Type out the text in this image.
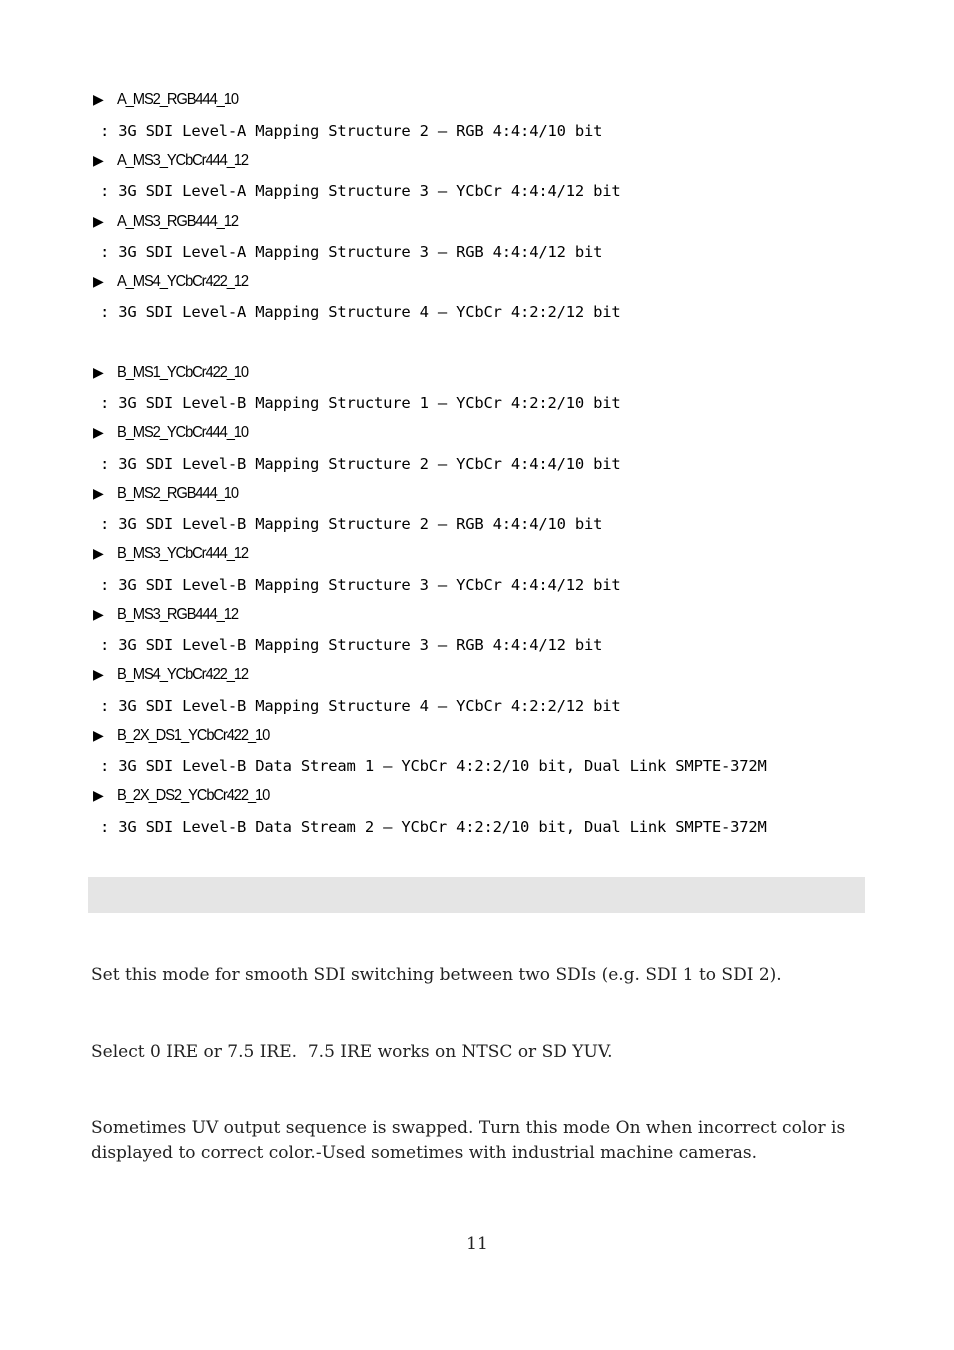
▶ A_MS2_RGB444_10
: 3G SDI Level-A Mapping Structure 2 – RGB 4:4:4/10 bit
▶ A_MS3_YCbCr444_12
: 3G SDI Level-A Mapping Structure 3 – YCbCr 4:4:4/12 bit
▶ A_MS3_RGB444_12
: 3G SDI Level-A Mapping Structure 3 – RGB 4:4:4/12 bit
▶ A_MS4_YCbCr422_12
: 3G SDI Level-A Mapping Structure 4 – YCbCr 4:2:2/12 bit
▶ B_MS1_YCbCr422_10
: 3G SDI Level-B Mapping Structure 1 – YCbCr 4:2:2/10 bit
▶ B_MS2_YCbCr444_10
: 3G SDI Level-B Mapping Structure 2 – YCbCr 4:4:4/10 bit
▶ B_MS2_RGB444_10
: 3G SDI Level-B Mapping Structure 2 – RGB 4:4:4/10 bit
▶ B_MS3_YCbCr444_12
: 3G SDI Level-B Mapping Structure 3 – YCbCr 4:4:4/12 bit
▶ B_MS3_RGB444_12
: 3G SDI Level-B Mapping Structure 3 – RGB 4:4:4/12 bit
▶ B_MS4_YCbCr422_12
: 3G SDI Level-B Mapping Structure 4 – YCbCr 4:2:2/12 bit
▶ B_2X_DS1_YCbCr422_10
: 3G SDI Level-B Data Stream 1 – YCbCr 4:2:2/10 bit, Dual Link SMPTE-372M
▶ B_2X_DS2_YCbCr422_10
: 3G SDI Level-B Data Stream 2 – YCbCr 4:2:2/10 bit, Dual Link SMPTE-372M
Set this mode for smooth SDI switching between two SDIs (e.g. SDI 1 to SDI 2).
Select 0 IRE or 7.5 IRE.  7.5 IRE works on NTSC or SD YUV.
Sometimes UV output sequence is swapped. Turn this mode On when incorrect color is displayed to correct color.-Used sometimes with industrial machine cameras.
11
